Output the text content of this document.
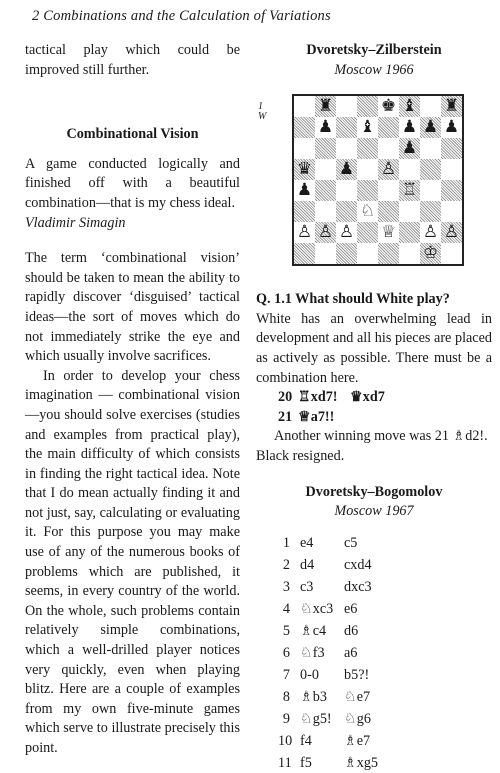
2 Combinations and the Calculation of Variations

tactical play which could be improved still further.

Combinational Vision

A game conducted logically and finished off with a beautiful combination—that is my chess ideal.

Vladimir Simagin

The term ‘combinational vision’ should be taken to mean the ability to rapidly discover ‘disguised’ tactical ideas—the sort of moves which do not immediately strike the eye and which usually involve sacrifices.

In order to develop your chess imagination — combinational vision—you should solve exercises (studies and examples from practical play), the main difficulty of which consists in finding the right tactical idea. Note that I do mean actually finding it and not just, say, calculating or evaluating it. For this purpose you may make use of any of the numerous books of problems which are published, it seems, in every country of the world. On the whole, such problems contain relatively simple combinations, which a well-drilled player notices very quickly, even when playing blitz. Here are a couple of examples from my own five-minute games which serve to illustrate precisely this point.

Dvoretsky–Zilberstein

Moscow 1966

1
W
♜	♚ ♝ ♜
♟ ♝ ♟ ♟ ♟
♟
♛ ♟ ♙
♟	♖
♘
♙ ♙ ♙ ♕ ♙ ♙
♔

Q. 1.1 What should White play?

White has an overwhelming lead in development and all his pieces are placed as actively as possible. There must be a combination here.

20 ♖xd7! ♛xd7
21 ♕a7!!

Another winning move was 21 ♗d2!.

Black resigned.

Dvoretsky–Bogomolov

Moscow 1967

1 e4	c5
2 d4	cxd4
3 c3	dxc3
4 ♘xc3 e6
5 ♗c4	d6
6 ♘f3	a6
7 0-0	b5?!
8 ♗b3	♘e7
9 ♘g5! ♘g6
10 f4	♗e7
11 f5	♗xg5
